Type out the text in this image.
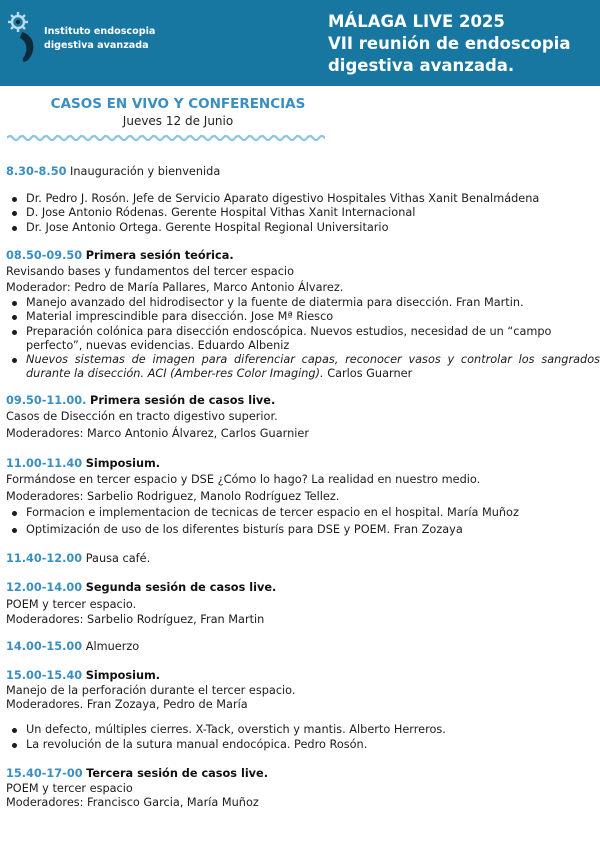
Instituto endoscopia
digestiva avanzada
MÁLAGA LIVE 2025
VII reunión de endoscopia
digestiva avanzada.
CASOS EN VIVO Y CONFERENCIAS
Jueves 12 de Junio
8.30-8.50 Inauguración y bienvenida
Dr. Pedro J. Rosón. Jefe de Servicio Aparato digestivo Hospitales Vithas Xanit Benalmádena
D. Jose Antonio Ródenas. Gerente Hospital Vithas Xanit Internacional
Dr. Jose Antonio Ortega. Gerente Hospital Regional Universitario
08.50-09.50 Primera sesión teórica.
Revisando bases y fundamentos del tercer espacio
Moderador: Pedro de María Pallares, Marco Antonio Álvarez.
Manejo avanzado del hidrodisector y la fuente de diatermia para disección. Fran Martin.
Material imprescindible para disección. Jose Mª Riesco
Preparación colónica para disección endoscópica. Nuevos estudios, necesidad de un “campo perfecto”, nuevas evidencias. Eduardo Albeniz
Nuevos sistemas de imagen para diferenciar capas, reconocer vasos y controlar los sangrados durante la disección. ACI (Amber-res Color Imaging). Carlos Guarner
09.50-11.00. Primera sesión de casos live.
Casos de Disección en tracto digestivo superior.
Moderadores: Marco Antonio Álvarez, Carlos Guarnier
11.00-11.40 Simposium.
Formándose en tercer espacio y DSE ¿Cómo lo hago? La realidad en nuestro medio.
Moderadores: Sarbelio Rodriguez, Manolo Rodríguez Tellez.
Formacion e implementacion de tecnicas de tercer espacio en el hospital. María Muñoz
Optimización de uso de los diferentes bisturís para DSE y POEM. Fran Zozaya
11.40-12.00 Pausa café.
12.00-14.00 Segunda sesión de casos live.
POEM y tercer espacio.
Moderadores: Sarbelio Rodríguez, Fran Martin
14.00-15.00 Almuerzo
15.00-15.40 Simposium.
Manejo de la perforación durante el tercer espacio.
Moderadores. Fran Zozaya, Pedro de María
Un defecto, múltiples cierres. X-Tack, overstich y mantis. Alberto Herreros.
La revolución de la sutura manual endocópica. Pedro Rosón.
15.40-17-00 Tercera sesión de casos live.
POEM y tercer espacio
Moderadores: Francisco Garcia, María Muñoz
